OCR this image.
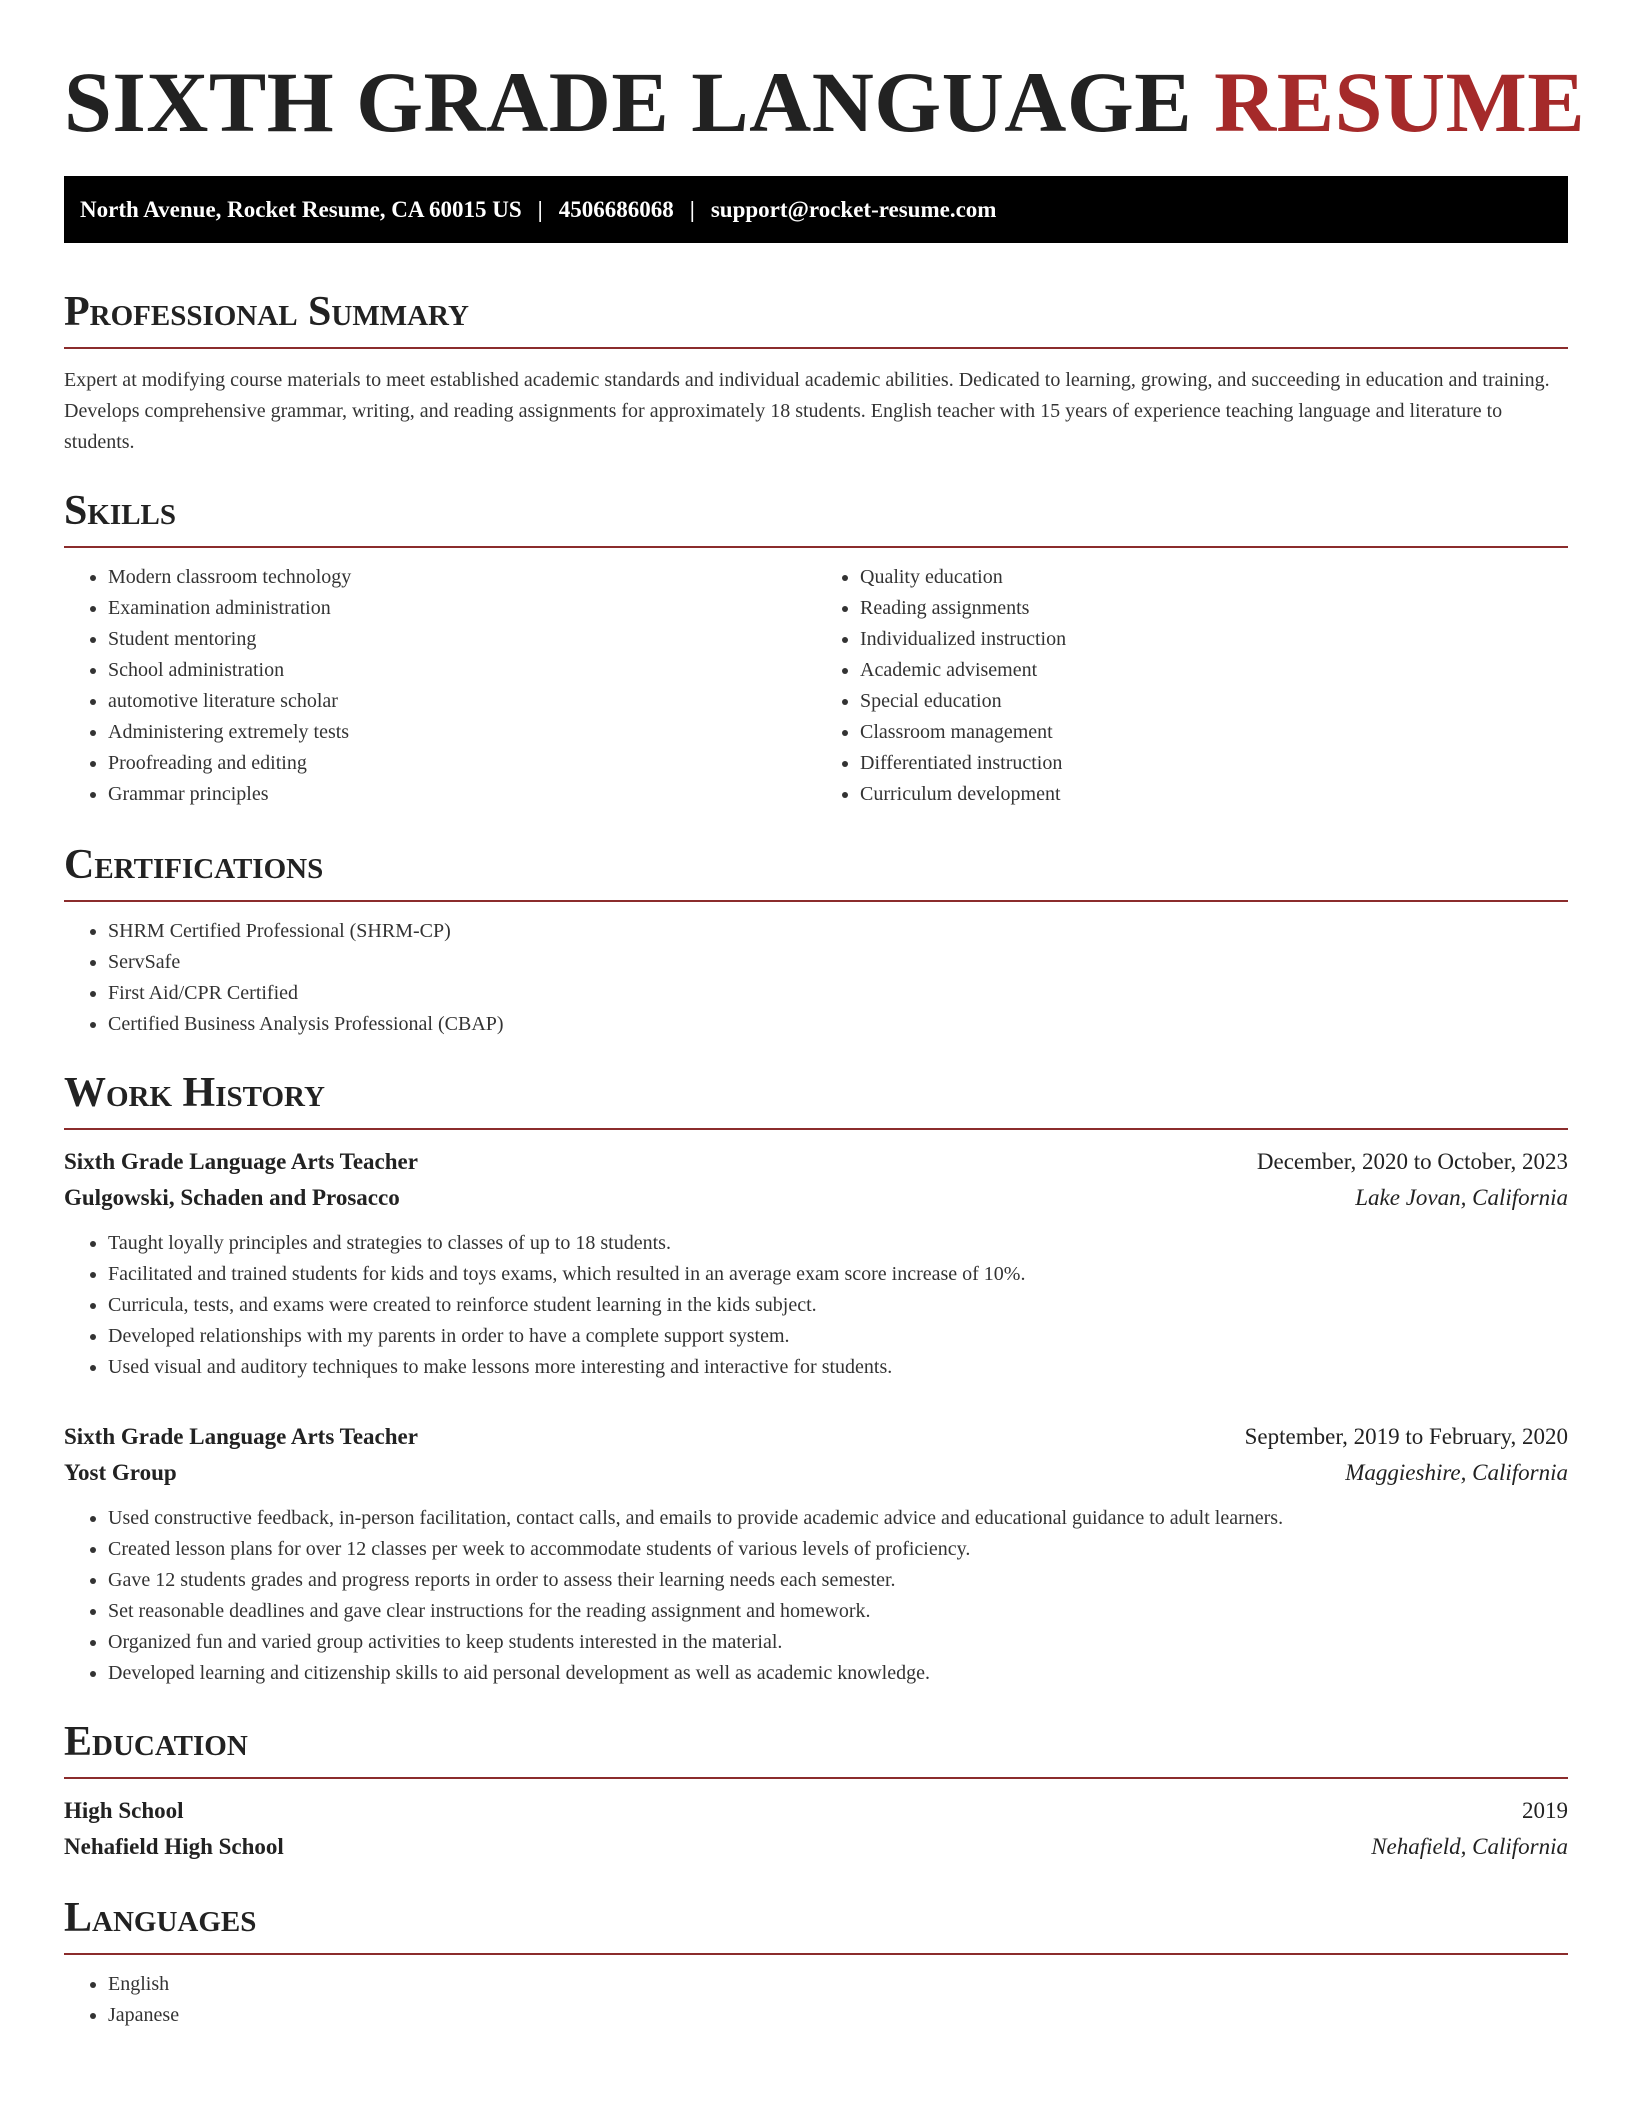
SIXTH GRADE LANGUAGE RESUME
North Avenue, Rocket Resume, CA 60015 US | 4506686068 | support@rocket-resume.com
Professional Summary

Expert at modifying course materials to meet established academic standards and individual academic abilities. Dedicated to learning, growing, and succeeding in education and training. Develops comprehensive grammar, writing, and reading assignments for approximately 18 students. English teacher with 15 years of experience teaching language and literature to students.

Skills
• Modern classroom technology
• Examination administration
• Student mentoring
• School administration
• automotive literature scholar
• Administering extremely tests
• Proofreading and editing
• Grammar principles
• Quality education
• Reading assignments
• Individualized instruction
• Academic advisement
• Special education
• Classroom management
• Differentiated instruction
• Curriculum development
Certifications
• SHRM Certified Professional (SHRM-CP)
• ServSafe
• First Aid/CPR Certified
• Certified Business Analysis Professional (CBAP)
Work History
Sixth Grade Language Arts Teacher	December, 2020 to October, 2023
Gulgowski, Schaden and Prosacco	Lake Jovan, California
• Taught loyally principles and strategies to classes of up to 18 students.
• Facilitated and trained students for kids and toys exams, which resulted in an average exam score increase of 10%.
• Curricula, tests, and exams were created to reinforce student learning in the kids subject.
• Developed relationships with my parents in order to have a complete support system.
• Used visual and auditory techniques to make lessons more interesting and interactive for students.
Sixth Grade Language Arts Teacher	September, 2019 to February, 2020
Yost Group	Maggieshire, California
• Used constructive feedback, in-person facilitation, contact calls, and emails to provide academic advice and educational guidance to adult learners.
• Created lesson plans for over 12 classes per week to accommodate students of various levels of proficiency.
• Gave 12 students grades and progress reports in order to assess their learning needs each semester.
• Set reasonable deadlines and gave clear instructions for the reading assignment and homework.
• Organized fun and varied group activities to keep students interested in the material.
• Developed learning and citizenship skills to aid personal development as well as academic knowledge.
Education
High School	2019
Nehafield High School	Nehafield, California
Languages
• English
• Japanese
